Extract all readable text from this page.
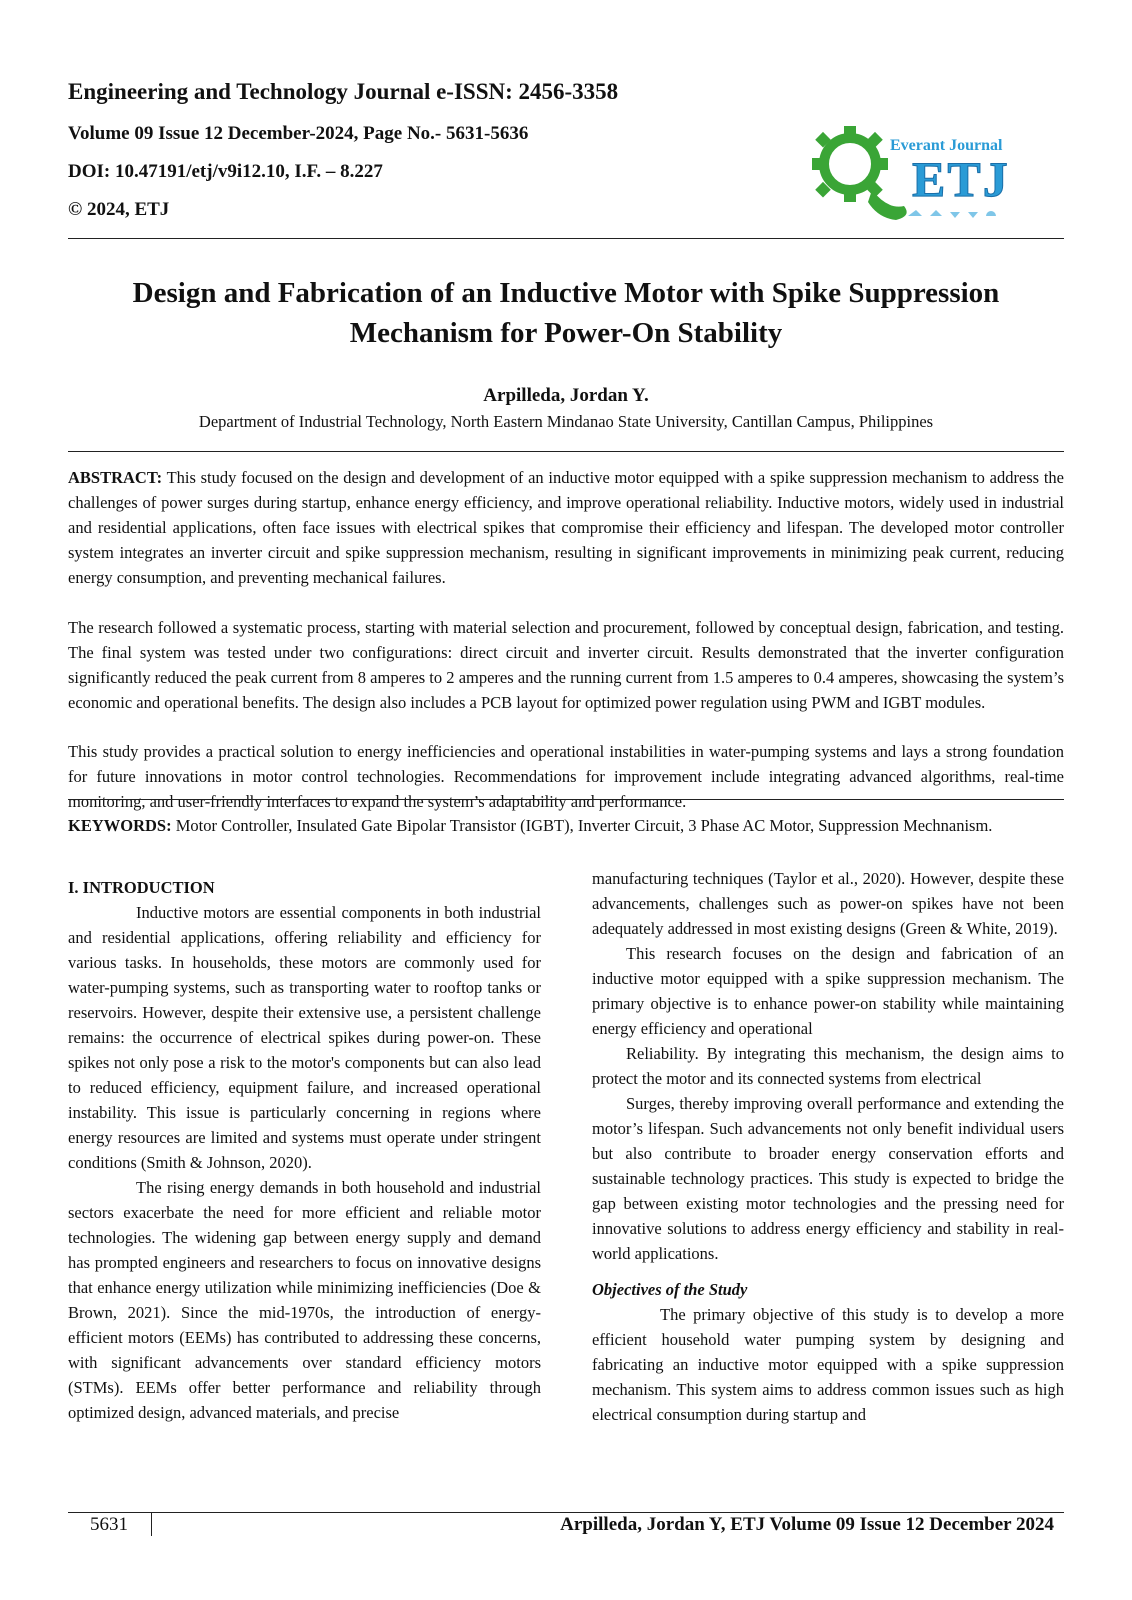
Engineering and Technology Journal e-ISSN: 2456-3358
Volume 09 Issue 12 December-2024, Page No.- 5631-5636
DOI: 10.47191/etj/v9i12.10, I.F. – 8.227
© 2024, ETJ
Everant Journal
ETJ
Design and Fabrication of an Inductive Motor with Spike Suppression Mechanism for Power-On Stability

Arpilleda, Jordan Y.

Department of Industrial Technology, North Eastern Mindanao State University, Cantillan Campus, Philippines

ABSTRACT: This study focused on the design and development of an inductive motor equipped with a spike suppression mechanism to address the challenges of power surges during startup, enhance energy efficiency, and improve operational reliability. Inductive motors, widely used in industrial and residential applications, often face issues with electrical spikes that compromise their efficiency and lifespan. The developed motor controller system integrates an inverter circuit and spike suppression mechanism, resulting in significant improvements in minimizing peak current, reducing energy consumption, and preventing mechanical failures.

The research followed a systematic process, starting with material selection and procurement, followed by conceptual design, fabrication, and testing. The final system was tested under two configurations: direct circuit and inverter circuit. Results demonstrated that the inverter configuration significantly reduced the peak current from 8 amperes to 2 amperes and the running current from 1.5 amperes to 0.4 amperes, showcasing the system’s economic and operational benefits. The design also includes a PCB layout for optimized power regulation using PWM and IGBT modules.

This study provides a practical solution to energy inefficiencies and operational instabilities in water-pumping systems and lays a strong foundation for future innovations in motor control technologies. Recommendations for improvement include integrating advanced algorithms, real-time monitoring, and user-friendly interfaces to expand the system’s adaptability and performance.

KEYWORDS: Motor Controller, Insulated Gate Bipolar Transistor (IGBT), Inverter Circuit, 3 Phase AC Motor, Suppression Mechnanism.

I. INTRODUCTION

Inductive motors are essential components in both industrial and residential applications, offering reliability and efficiency for various tasks. In households, these motors are commonly used for water-pumping systems, such as transporting water to rooftop tanks or reservoirs. However, despite their extensive use, a persistent challenge remains: the occurrence of electrical spikes during power-on. These spikes not only pose a risk to the motor's components but can also lead to reduced efficiency, equipment failure, and increased operational instability. This issue is particularly concerning in regions where energy resources are limited and systems must operate under stringent conditions (Smith & Johnson, 2020).

The rising energy demands in both household and industrial sectors exacerbate the need for more efficient and reliable motor technologies. The widening gap between energy supply and demand has prompted engineers and researchers to focus on innovative designs that enhance energy utilization while minimizing inefficiencies (Doe & Brown, 2021). Since the mid-1970s, the introduction of energy-efficient motors (EEMs) has contributed to addressing these concerns, with significant advancements over standard efficiency motors (STMs). EEMs offer better performance and reliability through optimized design, advanced materials, and precise

manufacturing techniques (Taylor et al., 2020). However, despite these advancements, challenges such as power-on spikes have not been adequately addressed in most existing designs (Green & White, 2019).

This research focuses on the design and fabrication of an inductive motor equipped with a spike suppression mechanism. The primary objective is to enhance power-on stability while maintaining energy efficiency and operational

Reliability. By integrating this mechanism, the design aims to protect the motor and its connected systems from electrical

Surges, thereby improving overall performance and extending the motor’s lifespan. Such advancements not only benefit individual users but also contribute to broader energy conservation efforts and sustainable technology practices. This study is expected to bridge the gap between existing motor technologies and the pressing need for innovative solutions to address energy efficiency and stability in real-world applications.

Objectives of the Study

The primary objective of this study is to develop a more efficient household water pumping system by designing and fabricating an inductive motor equipped with a spike suppression mechanism. This system aims to address common issues such as high electrical consumption during startup and

5631	Arpilleda, Jordan Y, ETJ Volume 09 Issue 12 December 2024
